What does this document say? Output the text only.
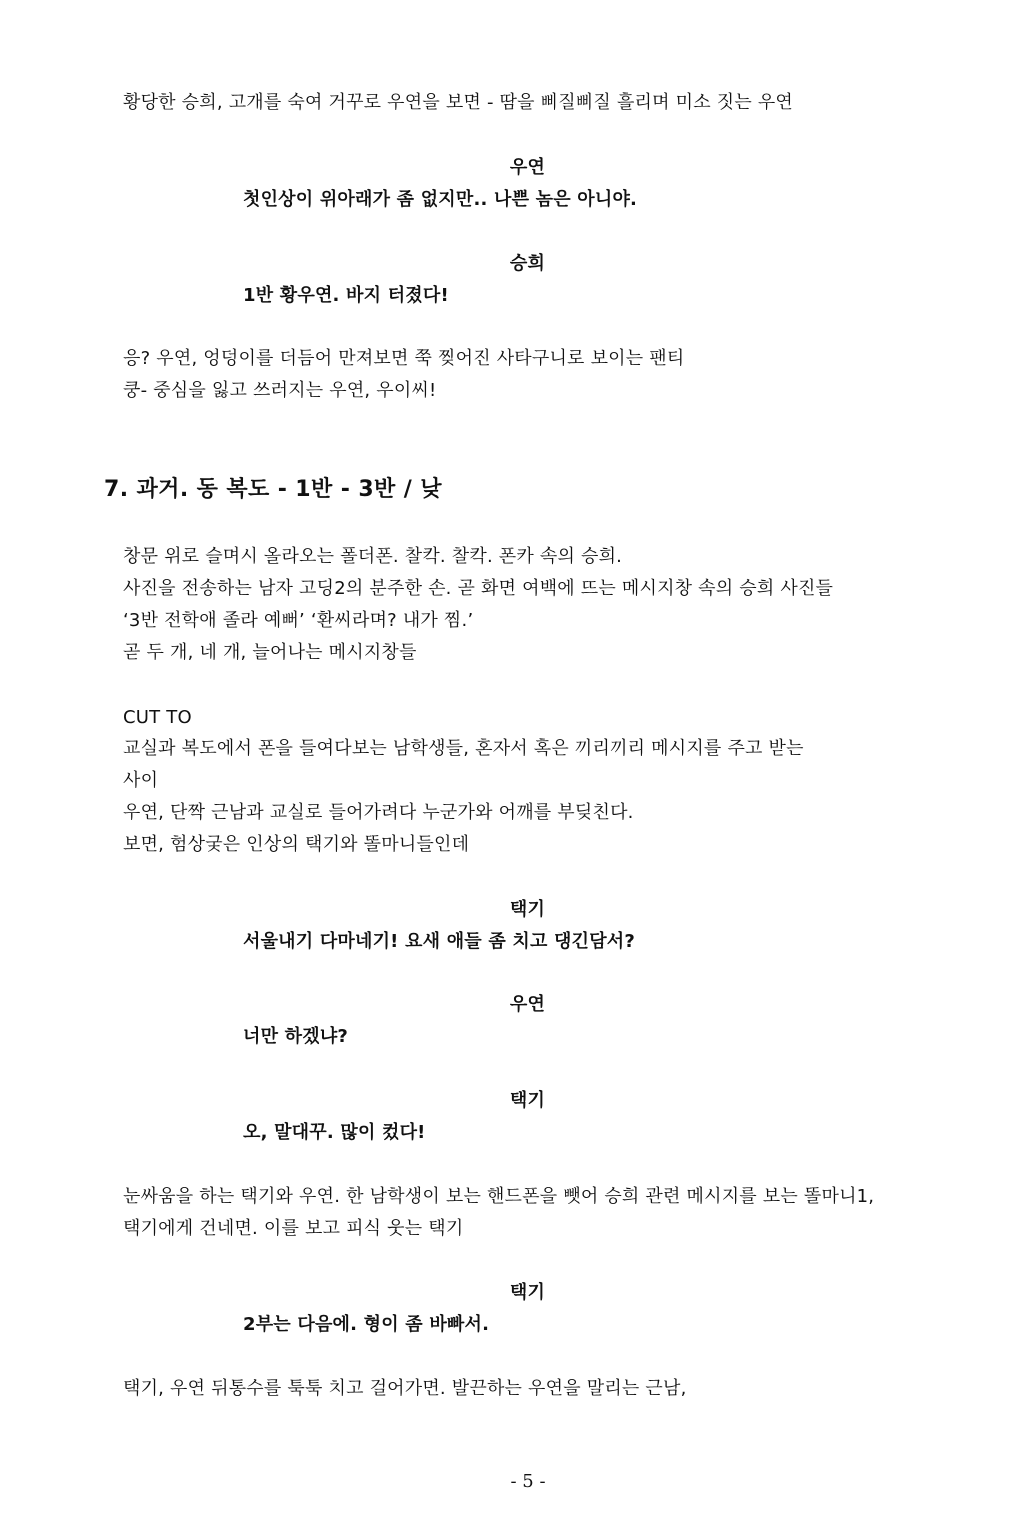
황당한 승희, 고개를 숙여 거꾸로 우연을 보면 - 땀을 삐질삐질 흘리며 미소 짓는 우연
우연
첫인상이 위아래가 좀 없지만.. 나쁜 놈은 아니야.
승희
1반 황우연. 바지 터졌다!
응? 우연, 엉덩이를 더듬어 만져보면 쭉 찢어진 사타구니로 보이는 팬티
쿵- 중심을 잃고 쓰러지는 우연, 우이씨!
7. 과거. 동 복도 - 1반 - 3반 / 낮
창문 위로 슬며시 올라오는 폴더폰. 찰칵. 찰칵. 폰카 속의 승희.
사진을 전송하는 남자 고딩2의 분주한 손. 곧 화면 여백에 뜨는 메시지창 속의 승희 사진들
‘3반 전학애 졸라 예뻐’ ‘환씨라며? 내가 찜.’
곧 두 개, 네 개, 늘어나는 메시지창들
CUT TO
교실과 복도에서 폰을 들여다보는 남학생들, 혼자서 혹은 끼리끼리 메시지를 주고 받는
사이
우연, 단짝 근남과 교실로 들어가려다 누군가와 어깨를 부딪친다.
보면, 험상궂은 인상의 택기와 똘마니들인데
택기
서울내기 다마네기! 요새 애들 좀 치고 댕긴담서?
우연
너만 하겠냐?
택기
오, 말대꾸. 많이 컸다!
눈싸움을 하는 택기와 우연. 한 남학생이 보는 핸드폰을 뺏어 승희 관련 메시지를 보는 똘마니1,
택기에게 건네면. 이를 보고 피식 웃는 택기
택기
2부는 다음에. 형이 좀 바빠서.
택기, 우연 뒤통수를 툭툭 치고 걸어가면. 발끈하는 우연을 말리는 근남,
- 5 -
